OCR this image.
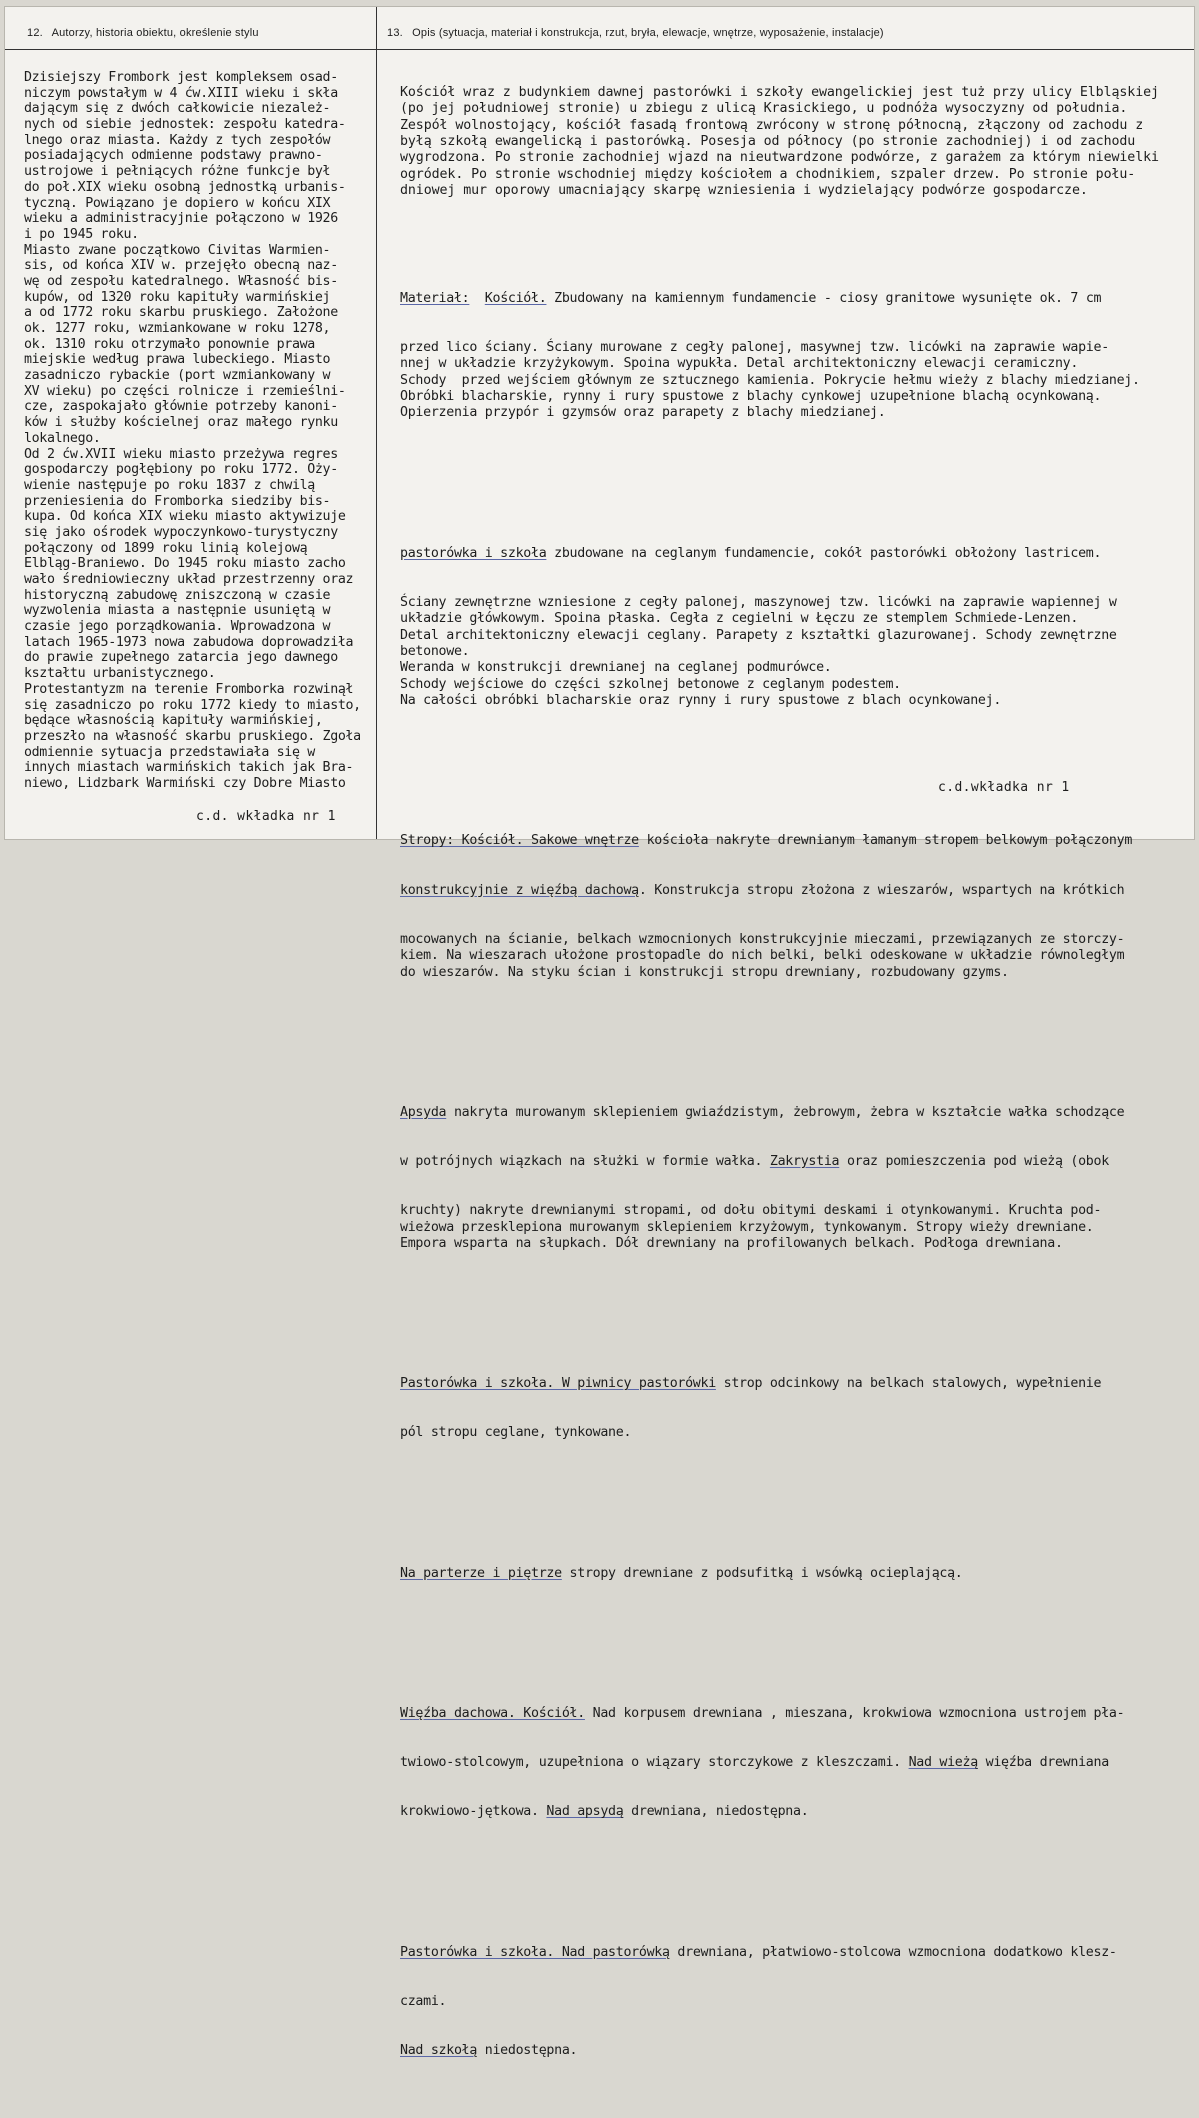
12. Autorzy, historia obiektu, określenie stylu	13. Opis (sytuacja, materiał i konstrukcja, rzut, bryła, elewacje, wnętrze, wyposażenie, instalacje)
Dzisiejszy Frombork jest kompleksem osad-
niczym powstałym w 4 ćw.XIII wieku i skła
dającym się z dwóch całkowicie niezależ-
nych od siebie jednostek: zespołu katedra-
lnego oraz miasta. Każdy z tych zespołów
posiadających odmienne podstawy prawno-
ustrojowe i pełniących różne funkcje był
do poł.XIX wieku osobną jednostką urbanis-
tyczną. Powiązano je dopiero w końcu XIX
wieku a administracyjnie połączono w 1926
i po 1945 roku.
Miasto zwane początkowo Civitas Warmien-
sis, od końca XIV w. przejęło obecną naz-
wę od zespołu katedralnego. Własność bis-
kupów, od 1320 roku kapituły warmińskiej
a od 1772 roku skarbu pruskiego. Założone
ok. 1277 roku, wzmiankowane w roku 1278,
ok. 1310 roku otrzymało ponownie prawa
miejskie według prawa lubeckiego. Miasto
zasadniczo rybackie (port wzmiankowany w
XV wieku) po części rolnicze i rzemieślni-
cze, zaspokajało głównie potrzeby kanoni-
ków i służby kościelnej oraz małego rynku
lokalnego.
Od 2 ćw.XVII wieku miasto przeżywa regres
gospodarczy pogłębiony po roku 1772. Oży-
wienie następuje po roku 1837 z chwilą
przeniesienia do Fromborka siedziby bis-
kupa. Od końca XIX wieku miasto aktywizuje
się jako ośrodek wypoczynkowo-turystyczny
połączony od 1899 roku linią kolejową
Elbląg-Braniewo. Do 1945 roku miasto zacho
wało średniowieczny układ przestrzenny oraz
historyczną zabudowę zniszczoną w czasie
wyzwolenia miasta a następnie usuniętą w
czasie jego porządkowania. Wprowadzona w
latach 1965-1973 nowa zabudowa doprowadziła
do prawie zupełnego zatarcia jego dawnego
kształtu urbanistycznego.
Protestantyzm na terenie Fromborka rozwinął
się zasadniczo po roku 1772 kiedy to miasto,
będące własnością kapituły warmińskiej,
przeszło na własność skarbu pruskiego. Zgoła
odmiennie sytuacja przedstawiała się w
innych miastach warmińskich takich jak Bra-
niewo, Lidzbark Warmiński czy Dobre Miasto
c.d. wkładka nr 1

Kościół wraz z budynkiem dawnej pastorówki i szkoły ewangelickiej jest tuż przy ulicy Elbląskiej
(po jej południowej stronie) u zbiegu z ulicą Krasickiego, u podnóża wysoczyzny od południa.
Zespół wolnostojący, kościół fasadą frontową zwrócony w stronę północną, złączony od zachodu z
byłą szkołą ewangelicką i pastorówką. Posesja od północy (po stronie zachodniej) i od zachodu
wygrodzona. Po stronie zachodniej wjazd na nieutwardzone podwórze, z garażem za którym niewielki
ogródek. Po stronie wschodniej między kościołem a chodnikiem, szpaler drzew. Po stronie połu-
dniowej mur oporowy umacniający skarpę wzniesienia i wydzielający podwórze gospodarcze.

Materiał: Kościół. Zbudowany na kamiennym fundamencie - ciosy granitowe wysunięte ok. 7 cm

przed lico ściany. Ściany murowane z cegły palonej, masywnej tzw. licówki na zaprawie wapie-
nnej w układzie krzyżykowym. Spoina wypukła. Detal architektoniczny elewacji ceramiczny.
Schody  przed wejściem głównym ze sztucznego kamienia. Pokrycie hełmu wieży z blachy miedzianej.
Obróbki blacharskie, rynny i rury spustowe z blachy cynkowej uzupełnione blachą ocynkowaną.
Opierzenia przypór i gzymsów oraz parapety z blachy miedzianej.

pastorówka i szkoła zbudowane na ceglanym fundamencie, cokół pastorówki obłożony lastricem.

Ściany zewnętrzne wzniesione z cegły palonej, maszynowej tzw. licówki na zaprawie wapiennej w
układzie główkowym. Spoina płaska. Cegła z cegielni w Łęczu ze stemplem Schmiede-Lenzen.
Detal architektoniczny elewacji ceglany. Parapety z kształtki glazurowanej. Schody zewnętrzne
betonowe.
Weranda w konstrukcji drewnianej na ceglanej podmurówce.
Schody wejściowe do części szkolnej betonowe z ceglanym podestem.
Na całości obróbki blacharskie oraz rynny i rury spustowe z blach ocynkowanej.

Stropy: Kościół. Sakowe wnętrze kościoła nakryte drewnianym łamanym stropem belkowym połączonym

konstrukcyjnie z więźbą dachową. Konstrukcja stropu złożona z wieszarów, wspartych na krótkich

mocowanych na ścianie, belkach wzmocnionych konstrukcyjnie mieczami, przewiązanych ze storczy-
kiem. Na wieszarach ułożone prostopadle do nich belki, belki odeskowane w układzie równoległym
do wieszarów. Na styku ścian i konstrukcji stropu drewniany, rozbudowany gzyms.

Apsyda nakryta murowanym sklepieniem gwiaździstym, żebrowym, żebra w kształcie wałka schodzące

w potrójnych wiązkach na służki w formie wałka. Zakrystia oraz pomieszczenia pod wieżą (obok

kruchty) nakryte drewnianymi stropami, od dołu obitymi deskami i otynkowanymi. Kruchta pod-
wieżowa przesklepiona murowanym sklepieniem krzyżowym, tynkowanym. Stropy wieży drewniane.
Empora wsparta na słupkach. Dół drewniany na profilowanych belkach. Podłoga drewniana.

Pastorówka i szkoła. W piwnicy pastorówki strop odcinkowy na belkach stalowych, wypełnienie

pól stropu ceglane, tynkowane.

Na parterze i piętrze stropy drewniane z podsufitką i wsówką ocieplającą.

Więźba dachowa. Kościół. Nad korpusem drewniana , mieszana, krokwiowa wzmocniona ustrojem pła-

twiowo-stolcowym, uzupełniona o wiązary storczykowe z kleszczami. Nad wieżą więźba drewniana

krokwiowo-jętkowa. Nad apsydą drewniana, niedostępna.

Pastorówka i szkoła. Nad pastorówką drewniana, płatwiowo-stolcowa wzmocniona dodatkowo klesz-

czami.

Nad szkołą niedostępna.

c.d.wkładka nr 1
